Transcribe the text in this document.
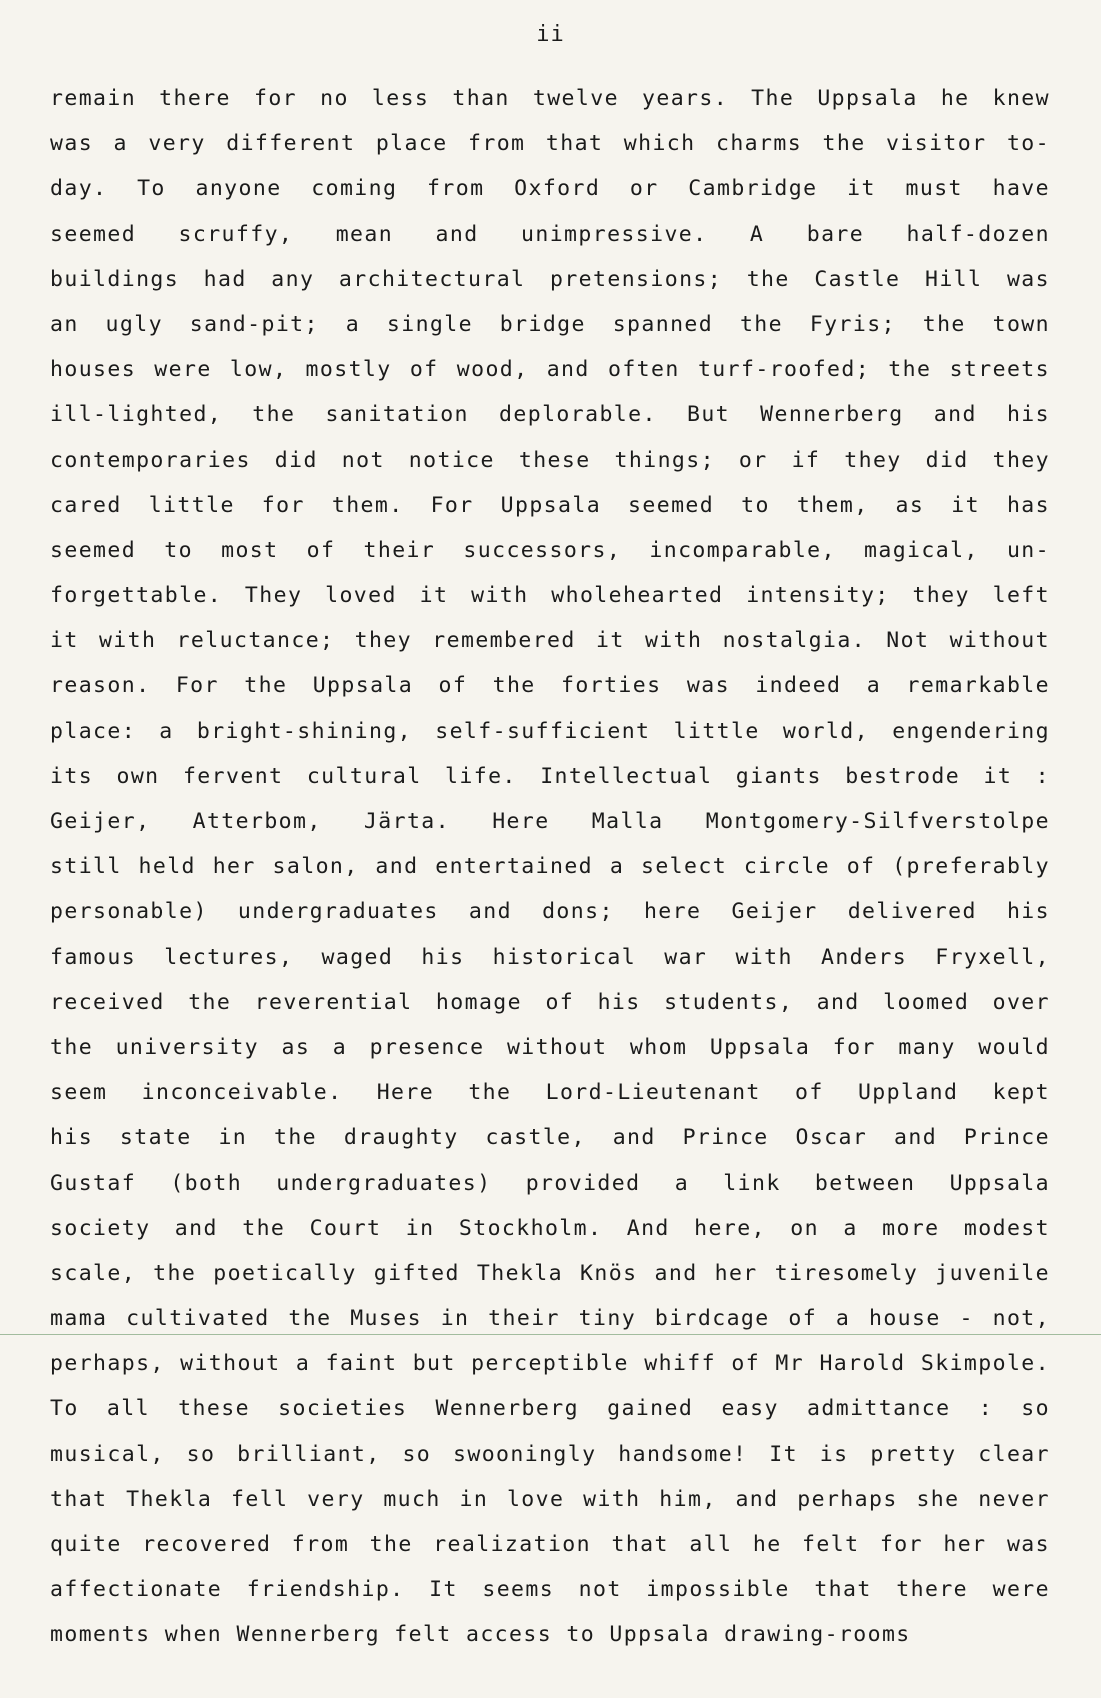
ii
remain there for no less than twelve years. The Uppsala he knew
was a very different place from that which charms the visitor to-
day. To anyone coming from Oxford or Cambridge it must have
seemed scruffy, mean and unimpressive. A bare half-dozen
buildings had any architectural pretensions; the Castle Hill was
an ugly sand-pit; a single bridge spanned the Fyris; the town
houses were low, mostly of wood, and often turf-roofed; the streets
ill-lighted, the sanitation deplorable. But Wennerberg and his
contemporaries did not notice these things; or if they did they
cared little for them. For Uppsala seemed to them, as it has
seemed to most of their successors, incomparable, magical, un-
forgettable. They loved it with wholehearted intensity; they left
it with reluctance; they remembered it with nostalgia. Not without
reason. For the Uppsala of the forties was indeed a remarkable
place: a bright-shining, self-sufficient little world, engendering
its own fervent cultural life. Intellectual giants bestrode it :
Geijer, Atterbom, Järta. Here Malla Montgomery-Silfverstolpe
still held her salon, and entertained a select circle of (preferably
personable) undergraduates and dons; here Geijer delivered his
famous lectures, waged his historical war with Anders Fryxell,
received the reverential homage of his students, and loomed over
the university as a presence without whom Uppsala for many would
seem inconceivable. Here the Lord-Lieutenant of Uppland kept
his state in the draughty castle, and Prince Oscar and Prince
Gustaf (both undergraduates) provided a link between Uppsala
society and the Court in Stockholm. And here, on a more modest
scale, the poetically gifted Thekla Knös and her tiresomely juvenile
mama cultivated the Muses in their tiny birdcage of a house - not,
perhaps, without a faint but perceptible whiff of Mr Harold Skimpole.
To all these societies Wennerberg gained easy admittance : so
musical, so brilliant, so swooningly handsome! It is pretty clear
that Thekla fell very much in love with him, and perhaps she never
quite recovered from the realization that all he felt for her was
affectionate friendship. It seems not impossible that there were
moments when Wennerberg felt access to Uppsala drawing-rooms
